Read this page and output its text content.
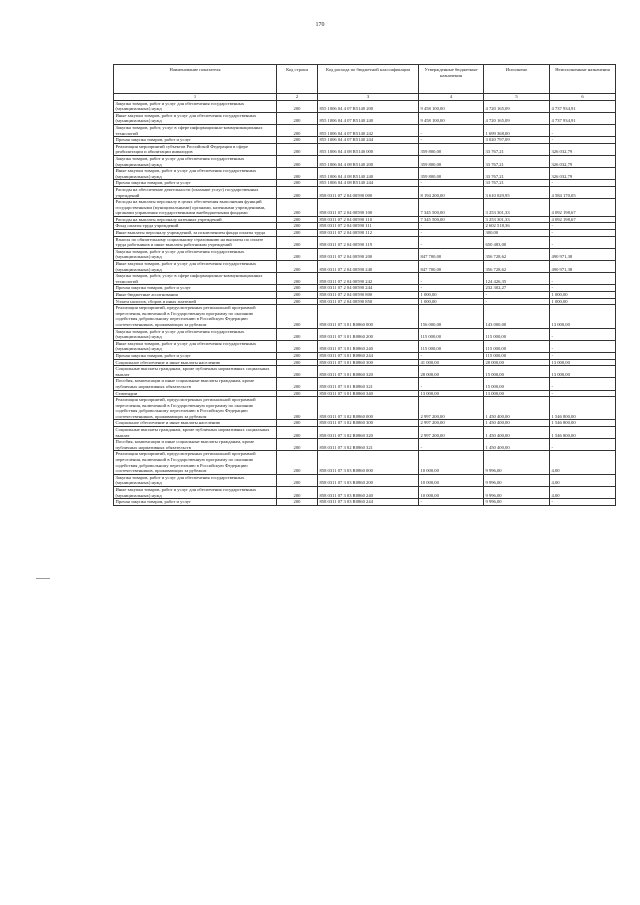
170
Наименование показателя	Код строки	Код расхода по бюджетной классификации	Утвержденные бюджетные назначения	Исполнено	Неисполненные назначения
1	2	3	4	5	6
Закупка товаров, работ и услуг для обеспечения государственных (муниципальных) нужд	200	855 1006 04 4 07 R5140 200	9 458 100,00	4 720 165,09	4 737 934,91
Иные закупки товаров, работ и услуг для обеспечения государственных (муниципальных) нужд	200	855 1006 04 4 07 R5140 240	9 458 100,00	4 720 165,09	4 737 934,91
Закупка товаров, работ, услуг в сфере информационно-коммуникационных технологий	200	855 1006 04 4 07 R5140 242	-	1 699 368,00	-
Прочая закупка товаров, работ и услуг	200	855 1006 04 4 07 R5140 244	-	3 020 797,09	-
Реализация мероприятий субъектов Российской Федерации в сфере реабилитации и абилитации инвалидов	200	855 1006 04 4 08 R5140 000	359 800,00	33 767,21	326 032,79
Закупка товаров, работ и услуг для обеспечения государственных (муниципальных) нужд	200	855 1006 04 4 08 R5140 200	359 800,00	33 767,21	326 032,79
Иные закупки товаров, работ и услуг для обеспечения государственных (муниципальных) нужд	200	855 1006 04 4 08 R5140 240	359 800,00	33 767,21	326 032,79
Прочая закупка товаров, работ и услуг	200	855 1006 04 4 08 R5140 244	-	33 767,21	-
Расходы на обеспечение деятельности (оказание услуг) государственных учреждений	200	858 0311 07 2 04 00590 000	8 194 200,00	3 610 029,95	4 584 170,05
Расходы на выплаты персоналу в целях обеспечения выполнения функций государственными (муниципальными) органами, казенными учреждениями, органами управления государственными внебюджетными фондами	200	858 0311 07 2 04 00590 100	7 345 500,00	3 253 301,33	4 092 198,67
Расходы на выплаты персоналу казенных учреждений	200	858 0311 07 2 04 00590 110	7 345 500,00	3 253 301,33	4 092 198,67
Фонд оплаты труда учреждений	200	858 0311 07 2 04 00590 111	-	2 602 518,36	-
Иные выплаты персоналу учреждений, за исключением фонда оплаты труда	200	858 0311 07 2 04 00590 112	-	300,00	-
Взносы по обязательному социальному страхованию на выплаты по оплате труда работников и иные выплаты работникам учреждений	200	858 0311 07 2 04 00590 119	-	650 483,00	-
Закупка товаров, работ и услуг для обеспечения государственных (муниципальных) нужд	200	858 0311 07 2 04 00590 200	847 700,00	356 728,62	490 971,38
Иные закупки товаров, работ и услуг для обеспечения государственных (муниципальных) нужд	200	858 0311 07 2 04 00590 240	847 700,00	356 728,62	490 971,38
Закупка товаров, работ, услуг в сфере информационно-коммуникационных технологий	200	858 0311 07 2 04 00590 242	-	124 426,35	-
Прочая закупка товаров, работ и услуг	200	858 0311 07 2 04 00590 244	-	232 302,27	-
Иные бюджетные ассигнования	200	858 0311 07 2 04 00590 800	1 000,00	-	1 000,00
Уплата налогов, сборов и иных платежей	200	858 0311 07 2 04 00590 850	1 000,00	-	1 000,00
Реализация мероприятий, предусмотренных региональной программой переселения, включенной в Государственную программу по оказанию содействия добровольному переселению в Российскую Федерацию соотечественников, проживающих за рубежом	200	858 0311 07 3 01 R0860 000	156 000,00	143 000,00	13 000,00
Закупка товаров, работ и услуг для обеспечения государственных (муниципальных) нужд	200	858 0311 07 3 01 R0860 200	115 000,00	115 000,00	-
Иные закупки товаров, работ и услуг для обеспечения государственных (муниципальных) нужд	200	858 0311 07 3 01 R0860 240	115 000,00	115 000,00	-
Прочая закупка товаров, работ и услуг	200	858 0311 07 3 01 R0860 244	-	115 000,00	-
Социальное обеспечение и иные выплаты населению	200	858 0311 07 3 01 R0860 300	41 000,00	28 000,00	13 000,00
Социальные выплаты гражданам, кроме публичных нормативных социальных выплат	200	858 0311 07 3 01 R0860 320	28 000,00	15 000,00	13 000,00
Пособия, компенсации и иные социальные выплаты гражданам, кроме публичных нормативных обязательств	200	858 0311 07 3 01 R0860 321	-	15 000,00	-
Стипендии	200	858 0311 07 3 01 R0860 340	13 000,00	13 000,00	-
Реализация мероприятий, предусмотренных региональной программой переселения, включенной в Государственную программу по оказанию содействия добровольному переселению в Российскую Федерацию соотечественников, проживающих за рубежом	200	858 0311 07 3 02 R0860 000	2 997 200,00	1 450 400,00	1 546 800,00
Социальное обеспечение и иные выплаты населению	200	858 0311 07 3 02 R0860 300	2 997 200,00	1 450 400,00	1 546 800,00
Социальные выплаты гражданам, кроме публичных нормативных социальных выплат	200	858 0311 07 3 02 R0860 320	2 997 200,00	1 450 400,00	1 546 800,00
Пособия, компенсации и иные социальные выплаты гражданам, кроме публичных нормативных обязательств	200	858 0311 07 3 02 R0860 321	-	1 450 400,00	-
Реализация мероприятий, предусмотренных региональной программой переселения, включенной в Государственную программу по оказанию содействия добровольному переселению в Российскую Федерацию соотечественников, проживающих за рубежом	200	858 0311 07 3 03 R0860 000	10 000,00	9 996,00	4,00
Закупка товаров, работ и услуг для обеспечения государственных (муниципальных) нужд	200	858 0311 07 3 03 R0860 200	10 000,00	9 996,00	4,00
Иные закупки товаров, работ и услуг для обеспечения государственных (муниципальных) нужд	200	858 0311 07 3 03 R0860 240	10 000,00	9 996,00	4,00
Прочая закупка товаров, работ и услуг	200	858 0311 07 3 03 R0860 244	-	9 996,00	-
